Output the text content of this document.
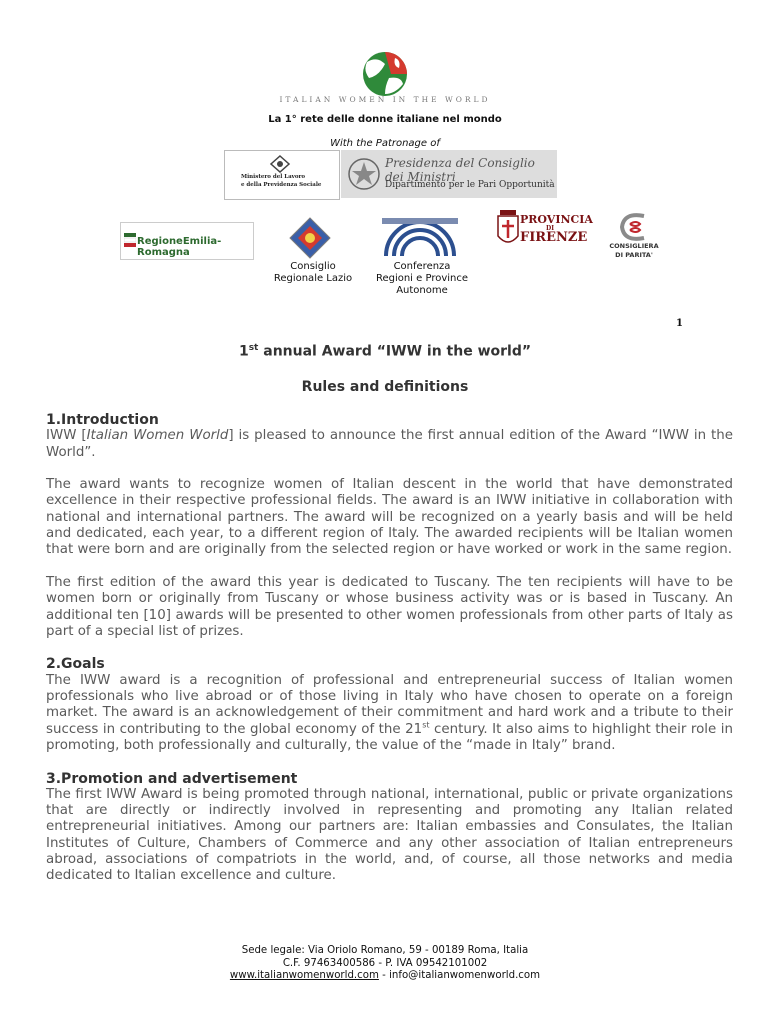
ITALIAN WOMEN IN THE WORLD
La 1° rete delle donne italiane nel mondo
With the Patronage of
Ministero del Lavoro
e della Previdenza Sociale
Presidenza del Consiglio dei Ministri
Dipartimento per le Pari Opportunità
RegioneEmilia-Romagna
Consiglio
Regionale Lazio
Conferenza
Regioni e Province
Autonome
PROVINCIA
DI
FIRENZE
CONSIGLIERA
DI PARITA'
1
1st annual Award “IWW in the world”
Rules and definitions
1.Introduction

IWW [Italian Women World] is pleased to announce the first annual edition of the Award “IWW in the World”.

The award wants to recognize women of Italian descent in the world that have demonstrated excellence in their respective professional fields. The award is an IWW initiative in collaboration with national and international partners. The award will be recognized on a yearly basis and will be held and dedicated, each year, to a different region of Italy. The awarded recipients will be Italian women that were born and are originally from the selected region or have worked or work in the same region.

The first edition of the award this year is dedicated to Tuscany. The ten recipients will have to be women born or originally from Tuscany or whose business activity was or is based in Tuscany. An additional ten [10] awards will be presented to other women professionals from other parts of Italy as part of a special list of prizes.

2.Goals

The IWW award is a recognition of professional and entrepreneurial success of Italian women professionals who live abroad or of those living in Italy who have chosen to operate on a foreign market. The award is an acknowledgement of their commitment and hard work and a tribute to their success in contributing to the global economy of the 21st century. It also aims to highlight their role in promoting, both professionally and culturally, the value of the “made in Italy” brand.

3.Promotion and advertisement

The first IWW Award is being promoted through national, international, public or private organizations that are directly or indirectly involved in representing and promoting any Italian related entrepreneurial initiatives. Among our partners are: Italian embassies and Consulates, the Italian Institutes of Culture, Chambers of Commerce and any other association of Italian entrepreneurs abroad, associations of compatriots in the world, and, of course, all those networks and media dedicated to Italian excellence and culture.

Sede legale: Via Oriolo Romano, 59 - 00189 Roma, Italia
C.F. 97463400586 - P. IVA 09542101002
www.italianwomenworld.com - info@italianwomenworld.com
